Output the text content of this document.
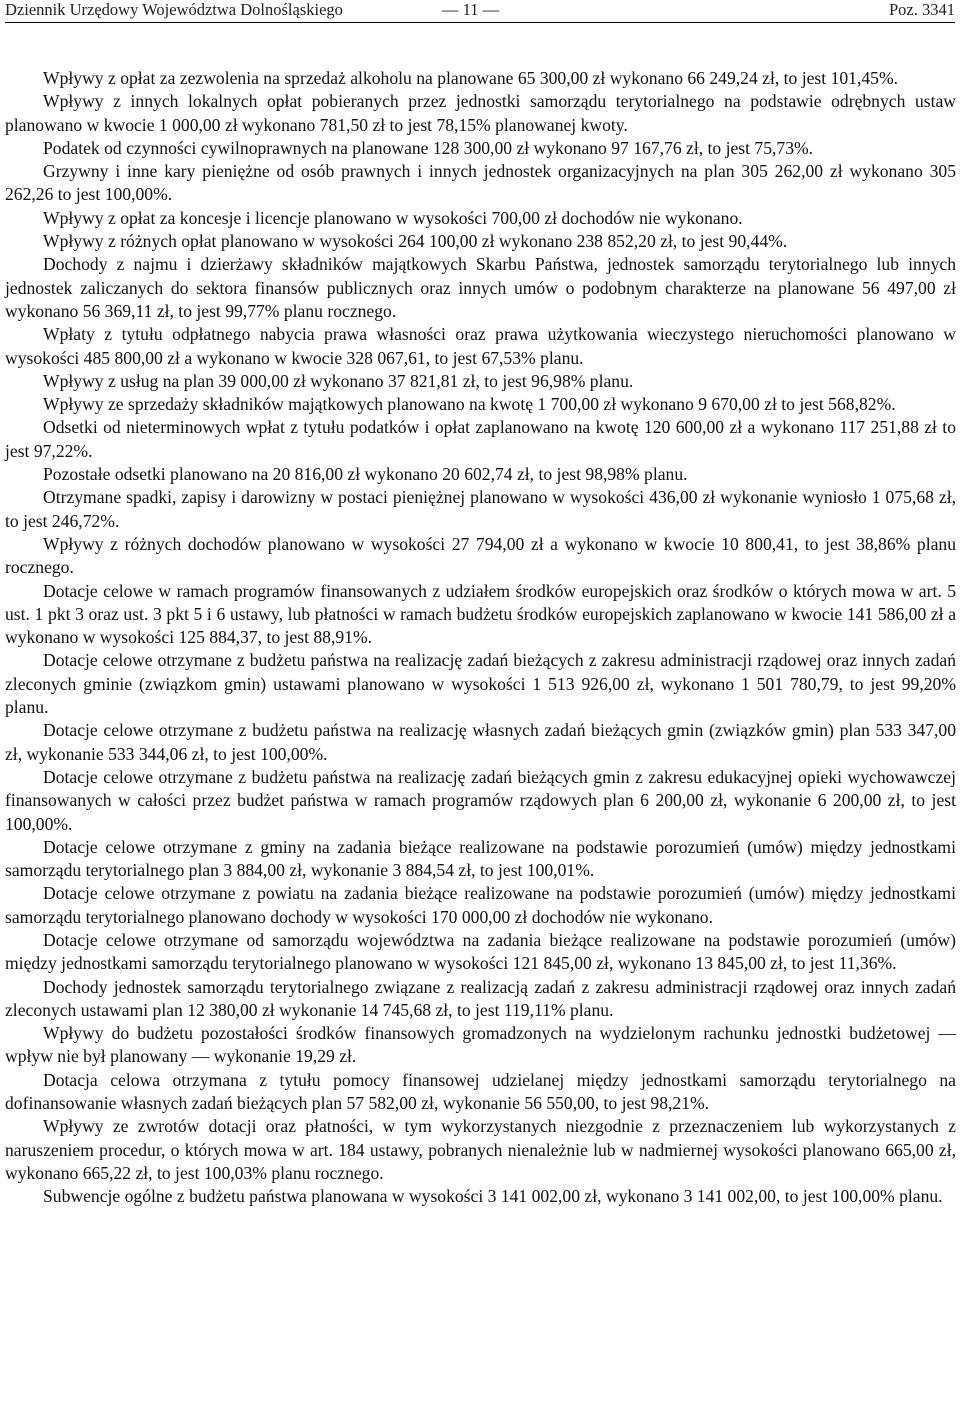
Dziennik Urzędowy Województwa Dolnośląskiego	— 11 —	Poz. 3341

Wpływy z opłat za zezwolenia na sprzedaż alkoholu na planowane 65 300,00 zł wykonano 66 249,24 zł, to jest 101,45%.

Wpływy z innych lokalnych opłat pobieranych przez jednostki samorządu terytorialnego na podstawie odrębnych ustaw planowano w kwocie 1 000,00 zł wykonano 781,50 zł to jest 78,15% planowanej kwoty.

Podatek od czynności cywilnoprawnych na planowane 128 300,00 zł wykonano 97 167,76 zł, to jest 75,73%.

Grzywny i inne kary pieniężne od osób prawnych i innych jednostek organizacyjnych na plan 305 262,00 zł wykonano 305 262,26 to jest 100,00%.

Wpływy z opłat za koncesje i licencje planowano w wysokości 700,00 zł dochodów nie wykonano.

Wpływy z różnych opłat planowano w wysokości 264 100,00 zł wykonano 238 852,20 zł, to jest 90,44%.

Dochody z najmu i dzierżawy składników majątkowych Skarbu Państwa, jednostek samorządu terytorialnego lub innych jednostek zaliczanych do sektora finansów publicznych oraz innych umów o podobnym charakterze na planowane 56 497,00 zł wykonano 56 369,11 zł, to jest 99,77% planu rocznego.

Wpłaty z tytułu odpłatnego nabycia prawa własności oraz prawa użytkowania wieczystego nieruchomości planowano w wysokości 485 800,00 zł a wykonano w kwocie 328 067,61, to jest 67,53% planu.

Wpływy z usług na plan 39 000,00 zł wykonano 37 821,81 zł, to jest 96,98% planu.

Wpływy ze sprzedaży składników majątkowych planowano na kwotę 1 700,00 zł wykonano 9 670,00 zł to jest 568,82%.

Odsetki od nieterminowych wpłat z tytułu podatków i opłat zaplanowano na kwotę 120 600,00 zł a wykonano 117 251,88 zł to jest 97,22%.

Pozostałe odsetki planowano na 20 816,00 zł wykonano 20 602,74 zł, to jest 98,98% planu.

Otrzymane spadki, zapisy i darowizny w postaci pieniężnej planowano w wysokości 436,00 zł wykonanie wyniosło 1 075,68 zł, to jest 246,72%.

Wpływy z różnych dochodów planowano w wysokości 27 794,00 zł a wykonano w kwocie 10 800,41, to jest 38,86% planu rocznego.

Dotacje celowe w ramach programów finansowanych z udziałem środków europejskich oraz środków o których mowa w art. 5 ust. 1 pkt 3 oraz ust. 3 pkt 5 i 6 ustawy, lub płatności w ramach budżetu środków europejskich zaplanowano w kwocie 141 586,00 zł a wykonano w wysokości 125 884,37, to jest 88,91%.

Dotacje celowe otrzymane z budżetu państwa na realizację zadań bieżących z zakresu administracji rządowej oraz innych zadań zleconych gminie (związkom gmin) ustawami planowano w wysokości 1 513 926,00 zł, wykonano 1 501 780,79, to jest 99,20% planu.

Dotacje celowe otrzymane z budżetu państwa na realizację własnych zadań bieżących gmin (związków gmin) plan 533 347,00 zł, wykonanie 533 344,06 zł, to jest 100,00%.

Dotacje celowe otrzymane z budżetu państwa na realizację zadań bieżących gmin z zakresu edukacyjnej opieki wychowawczej finansowanych w całości przez budżet państwa w ramach programów rządowych plan 6 200,00 zł, wykonanie 6 200,00 zł, to jest 100,00%.

Dotacje celowe otrzymane z gminy na zadania bieżące realizowane na podstawie porozumień (umów) między jednostkami samorządu terytorialnego plan 3 884,00 zł, wykonanie 3 884,54 zł, to jest 100,01%.

Dotacje celowe otrzymane z powiatu na zadania bieżące realizowane na podstawie porozumień (umów) między jednostkami samorządu terytorialnego planowano dochody w wysokości 170 000,00 zł dochodów nie wykonano.

Dotacje celowe otrzymane od samorządu województwa na zadania bieżące realizowane na podstawie porozumień (umów) między jednostkami samorządu terytorialnego planowano w wysokości 121 845,00 zł, wykonano 13 845,00 zł, to jest 11,36%.

Dochody jednostek samorządu terytorialnego związane z realizacją zadań z zakresu administracji rządowej oraz innych zadań zleconych ustawami plan 12 380,00 zł wykonanie 14 745,68 zł, to jest 119,11% planu.

Wpływy do budżetu pozostałości środków finansowych gromadzonych na wydzielonym rachunku jednostki budżetowej — wpływ nie był planowany — wykonanie 19,29 zł.

Dotacja celowa otrzymana z tytułu pomocy finansowej udzielanej między jednostkami samorządu terytorialnego na dofinansowanie własnych zadań bieżących plan 57 582,00 zł, wykonanie 56 550,00, to jest 98,21%.

Wpływy ze zwrotów dotacji oraz płatności, w tym wykorzystanych niezgodnie z przeznaczeniem lub wykorzystanych z naruszeniem procedur, o których mowa w art. 184 ustawy, pobranych nienależnie lub w nadmiernej wysokości planowano 665,00 zł, wykonano 665,22 zł, to jest 100,03% planu rocznego.

Subwencje ogólne z budżetu państwa planowana w wysokości 3 141 002,00 zł, wykonano 3 141 002,00, to jest 100,00% planu.
